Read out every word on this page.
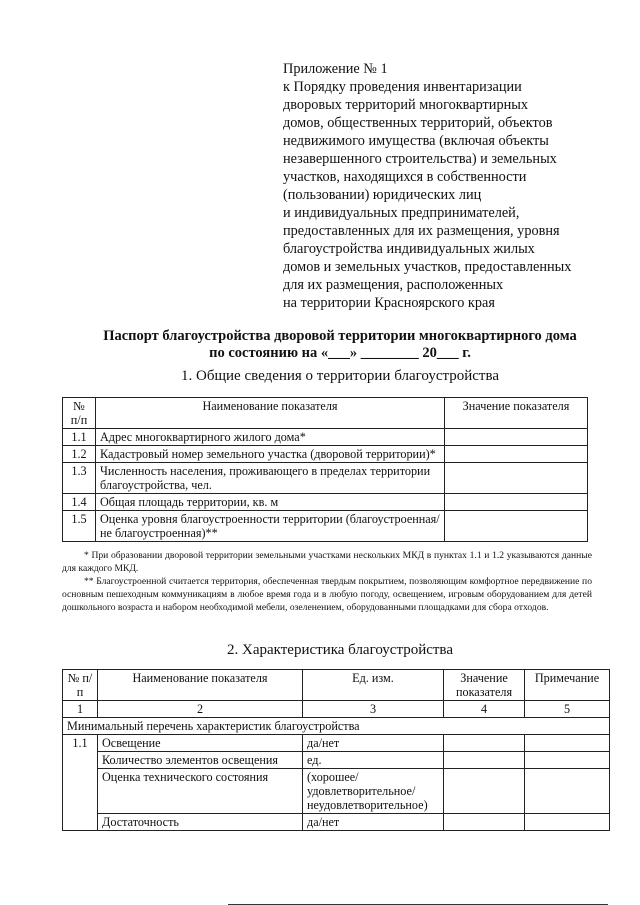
Приложение № 1
к Порядку проведения инвентаризации
дворовых территорий многоквартирных
домов, общественных территорий, объектов
недвижимого имущества (включая объекты
незавершенного строительства) и земельных
участков, находящихся в собственности
(пользовании) юридических лиц
и индивидуальных предпринимателей,
предоставленных для их размещения, уровня
благоустройства индивидуальных жилых
домов и земельных участков, предоставленных
для их размещения, расположенных
на территории Красноярского края
Паспорт благоустройства дворовой территории многоквартирного дома
по состоянию на «___» ________ 20___ г.
1. Общие сведения о территории благоустройства
№ п/п	Наименование показателя	Значение показателя
1.1	Адрес многоквартирного жилого дома*	
1.2	Кадастровый номер земельного участка (дворовой территории)*	
1.3	Численность населения, проживающего в пределах территории благоустройства, чел.	
1.4	Общая площадь территории, кв. м	
1.5	Оценка уровня благоустроенности территории (благоустроенная/не благоустроенная)**	

* При образовании дворовой территории земельными участками нескольких МКД в пунктах 1.1 и 1.2 указываются данные для каждого МКД.

** Благоустроенной считается территория, обеспеченная твердым покрытием, позволяющим комфортное передвижение по основным пешеходным коммуникациям в любое время года и в любую погоду, освещением, игровым оборудованием для детей дошкольного возраста и набором необходимой мебели, озеленением, оборудованными площадками для сбора отходов.

2. Характеристика благоустройства
№ п/п	Наименование показателя	Ед. изм.	Значение показателя	Примечание
1	2	3	4	5
Минимальный перечень характеристик благоустройства				
1.1	Освещение	да/нет		
	Количество элементов освещения	ед.		
	Оценка технического состояния	(хорошее/ удовлетворительное/ неудовлетворительное)		
	Достаточность	да/нет		
